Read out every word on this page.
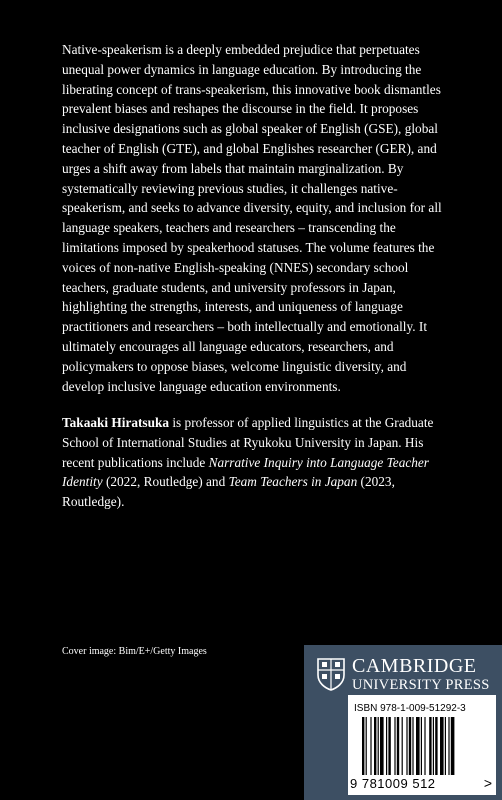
Native-speakerism is a deeply embedded prejudice that perpetuates unequal power dynamics in language education. By introducing the liberating concept of trans-speakerism, this innovative book dismantles prevalent biases and reshapes the discourse in the field. It proposes inclusive designations such as global speaker of English (GSE), global teacher of English (GTE), and global Englishes researcher (GER), and urges a shift away from labels that maintain marginalization. By systematically reviewing previous studies, it challenges native-speakerism, and seeks to advance diversity, equity, and inclusion for all language speakers, teachers and researchers – transcending the limitations imposed by speakerhood statuses. The volume features the voices of non-native English-speaking (NNES) secondary school teachers, graduate students, and university professors in Japan, highlighting the strengths, interests, and uniqueness of language practitioners and researchers – both intellectually and emotionally. It ultimately encourages all language educators, researchers, and policymakers to oppose biases, welcome linguistic diversity, and develop inclusive language education environments.

Takaaki Hiratsuka is professor of applied linguistics at the Graduate School of International Studies at Ryukoku University in Japan. His recent publications include Narrative Inquiry into Language Teacher Identity (2022, Routledge) and Team Teachers in Japan (2023, Routledge).

Cover image: Bim/E+/Getty Images
CAMBRIDGE
UNIVERSITY PRESS
ISBN 978-1-009-51292-3
9 781009 512	>
